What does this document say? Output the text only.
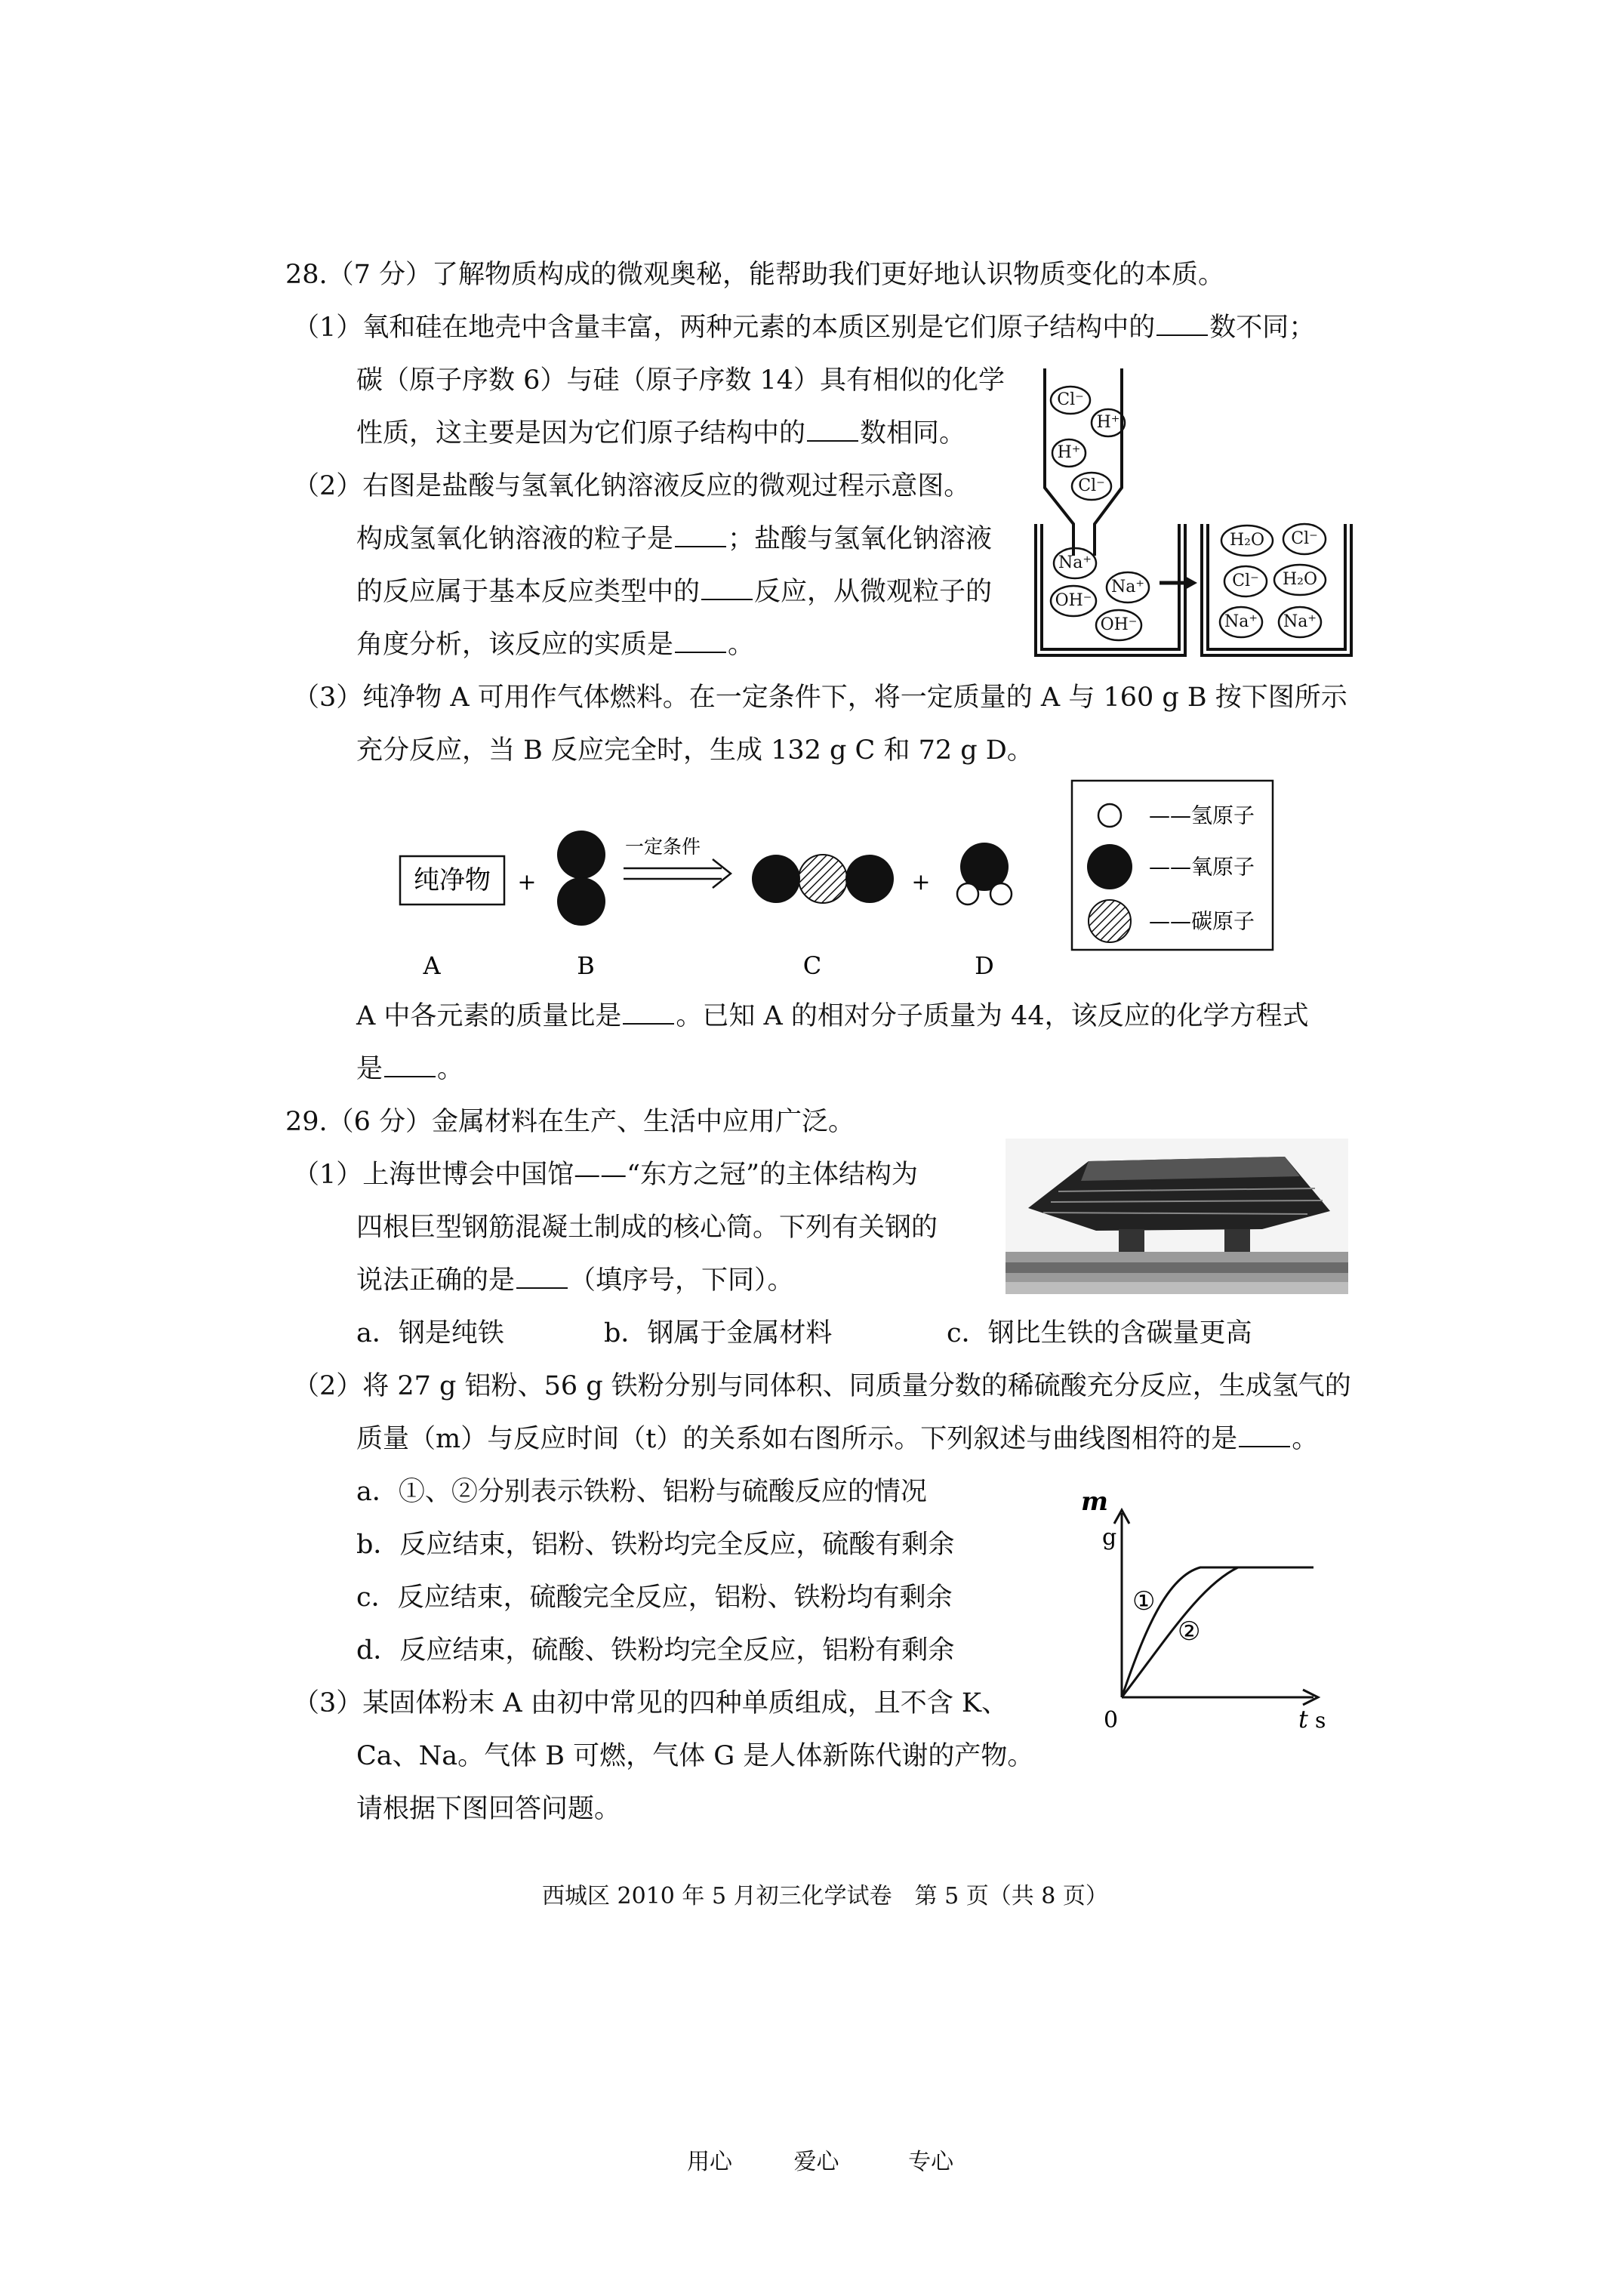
28.（7 分）了解物质构成的微观奥秘，能帮助我们更好地认识物质变化的本质。
（1）氧和硅在地壳中含量丰富，两种元素的本质区别是它们原子结构中的 数不同；
碳（原子序数 6）与硅（原子序数 14）具有相似的化学
性质，这主要是因为它们原子结构中的 数相同。
（2）右图是盐酸与氢氧化钠溶液反应的微观过程示意图。
构成氢氧化钠溶液的粒子是 ；盐酸与氢氧化钠溶液
的反应属于基本反应类型中的 反应，从微观粒子的
角度分析，该反应的实质是 。
Cl⁻
H⁺
H⁺
Cl⁻
Na⁺
OH⁻
Na⁺
OH⁻
H₂O Cl⁻
Cl⁻ H₂O
Na⁺ Na⁺
（3）纯净物 A 可用作气体燃料。在一定条件下，将一定质量的 A 与 160 g B 按下图所示
充分反应，当 B 反应完全时，生成 132 g C 和 72 g D。
纯净物 +
一定条件
+
——氢原子
——氧原子
——碳原子
A	B	C	D
A 中各元素的质量比是 。已知 A 的相对分子质量为 44，该反应的化学方程式
是 。
29.（6 分）金属材料在生产、生活中应用广泛。
（1）上海世博会中国馆——“东方之冠”的主体结构为
四根巨型钢筋混凝土制成的核心筒。下列有关钢的
说法正确的是 （填序号，下同）。
a．钢是纯铁	b．钢属于金属材料	c．钢比生铁的含碳量更高
（2）将 27 g 铝粉、56 g 铁粉分别与同体积、同质量分数的稀硫酸充分反应，生成氢气的
质量（m）与反应时间（t）的关系如右图所示。下列叙述与曲线图相符的是 。
a．①、②分别表示铁粉、铝粉与硫酸反应的情况
b．反应结束，铝粉、铁粉均完全反应，硫酸有剩余
c．反应结束，硫酸完全反应，铝粉、铁粉均有剩余
d．反应结束，硫酸、铁粉均完全反应，铝粉有剩余
m
g
0	t s
①
②
（3）某固体粉末 A 由初中常见的四种单质组成，且不含 K、
Ca、Na。气体 B 可燃，气体 G 是人体新陈代谢的产物。
请根据下图回答问题。
西城区 2010 年 5 月初三化学试卷　第 5 页（共 8 页）
用心	爱心	专心
